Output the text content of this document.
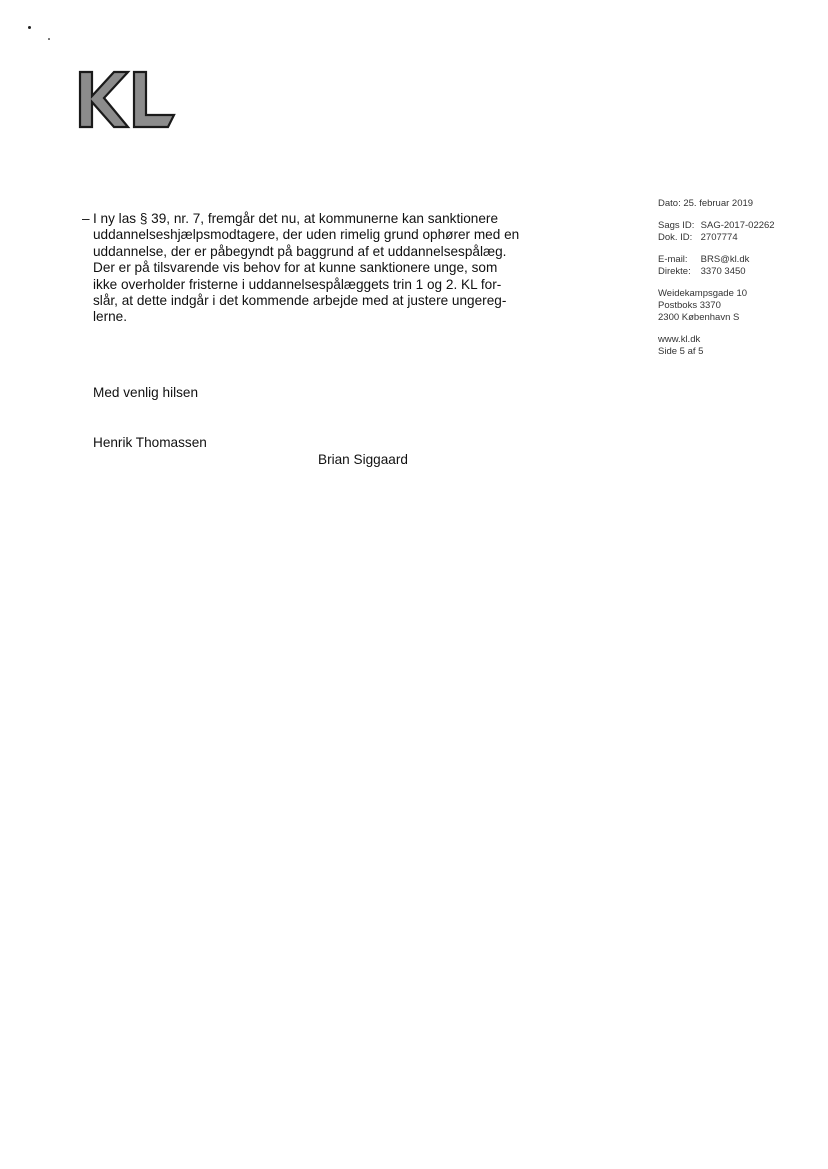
Dato: 25. februar 2019
Sags ID: SAG-2017-02262
Dok. ID: 2707774
E-mail: BRS@kl.dk
Direkte: 3370 3450
Weidekampsgade 10
Postboks 3370
2300 København S
www.kl.dk
Side 5 af 5
– I ny las § 39, nr. 7, fremgår det nu, at kommunerne kan sanktionere
uddannelseshjælpsmodtagere, der uden rimelig grund ophører med en
uddannelse, der er påbegyndt på baggrund af et uddannelsespålæg.
Der er på tilsvarende vis behov for at kunne sanktionere unge, som
ikke overholder fristerne i uddannelsespålæggets trin 1 og 2. KL for-
slår, at dette indgår i det kommende arbejde med at justere ungereg-
lerne.
Med venlig hilsen
Henrik Thomassen
Brian Siggaard
